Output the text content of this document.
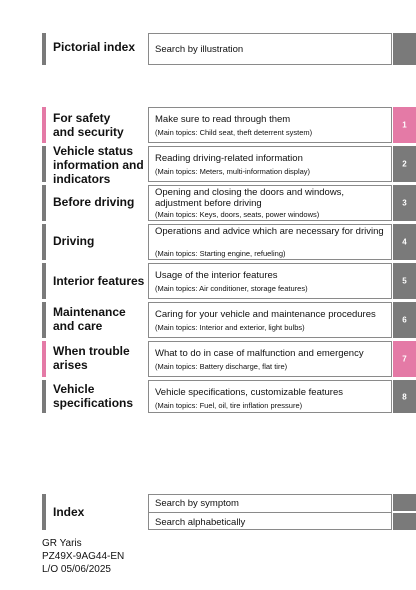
Pictorial index Search by illustration
For safety
and security
Make sure to read through them
(Main topics: Child seat, theft deterrent system)
1
Vehicle status
information and
indicators
Reading driving-related information
(Main topics: Meters, multi-information display)
2
Before driving
Opening and closing the doors and windows, adjustment before driving
(Main topics: Keys, doors, seats, power windows)
3
Driving
Operations and advice which are necessary for driving
(Main topics: Starting engine, refueling)
4
Interior features Usage of the interior features
(Main topics: Air conditioner, storage features)
5
Maintenance
and care
Caring for your vehicle and maintenance procedures
(Main topics: Interior and exterior, light bulbs)
6
When trouble
arises
What to do in case of malfunction and emergency
(Main topics: Battery discharge, flat tire)
7
Vehicle
specifications
Vehicle specifications, customizable features
(Main topics: Fuel, oil, tire inflation pressure)
8
Index
Search by symptom
Search alphabetically
GR Yaris
PZ49X-9AG44-EN
L/O 05/06/2025
